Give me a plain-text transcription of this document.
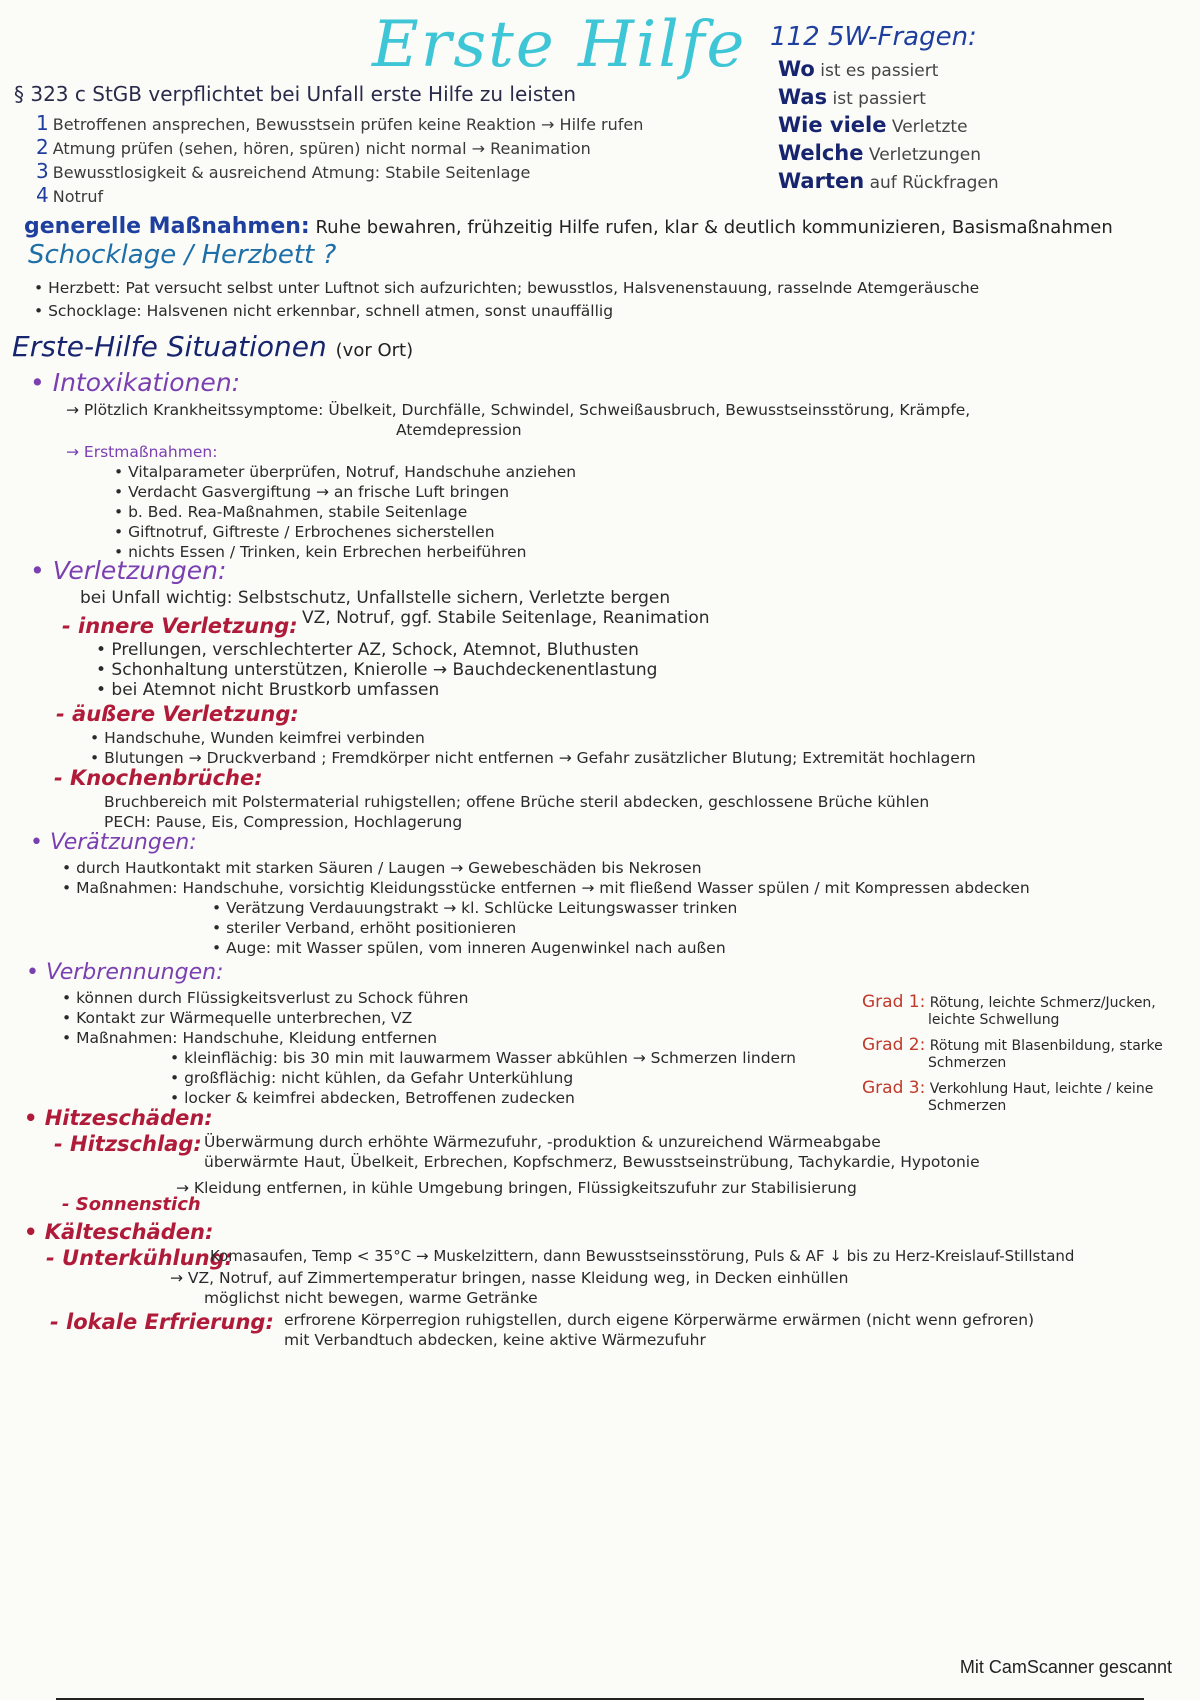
Erste Hilfe
§ 323 c StGB verpflichtet bei Unfall erste Hilfe zu leisten
1 Betroffenen ansprechen, Bewusstsein prüfen keine Reaktion → Hilfe rufen
2 Atmung prüfen (sehen, hören, spüren) nicht normal → Reanimation
3 Bewusstlosigkeit & ausreichend Atmung: Stabile Seitenlage
4 Notruf
112 5W-Fragen:
Wo ist es passiert
Was ist passiert
Wie viele Verletzte
Welche Verletzungen
Warten auf Rückfragen
generelle Maßnahmen: Ruhe bewahren, frühzeitig Hilfe rufen, klar & deutlich kommunizieren, Basismaßnahmen
Schocklage / Herzbett ?
• Herzbett: Pat versucht selbst unter Luftnot sich aufzurichten; bewusstlos, Halsvenenstauung, rasselnde Atemgeräusche
• Schocklage: Halsvenen nicht erkennbar, schnell atmen, sonst unauffällig
Erste-Hilfe Situationen (vor Ort)
• Intoxikationen:
→ Plötzlich Krankheitssymptome: Übelkeit, Durchfälle, Schwindel, Schweißausbruch, Bewusstseinsstörung, Krämpfe,
Atemdepression
→ Erstmaßnahmen:
• Vitalparameter überprüfen, Notruf, Handschuhe anziehen
• Verdacht Gasvergiftung → an frische Luft bringen
• b. Bed. Rea-Maßnahmen, stabile Seitenlage
• Giftnotruf, Giftreste / Erbrochenes sicherstellen
• nichts Essen / Trinken, kein Erbrechen herbeiführen
• Verletzungen:
bei Unfall wichtig: Selbstschutz, Unfallstelle sichern, Verletzte bergen
VZ, Notruf, ggf. Stabile Seitenlage, Reanimation
- innere Verletzung:
• Prellungen, verschlechterter AZ, Schock, Atemnot, Bluthusten
• Schonhaltung unterstützen, Knierolle → Bauchdeckenentlastung
• bei Atemnot nicht Brustkorb umfassen
- äußere Verletzung:
• Handschuhe, Wunden keimfrei verbinden
• Blutungen → Druckverband ; Fremdkörper nicht entfernen → Gefahr zusätzlicher Blutung; Extremität hochlagern
- Knochenbrüche:
Bruchbereich mit Polstermaterial ruhigstellen; offene Brüche steril abdecken, geschlossene Brüche kühlen
PECH: Pause, Eis, Compression, Hochlagerung
• Verätzungen:
• durch Hautkontakt mit starken Säuren / Laugen → Gewebeschäden bis Nekrosen
• Maßnahmen: Handschuhe, vorsichtig Kleidungsstücke entfernen → mit fließend Wasser spülen / mit Kompressen abdecken
• Verätzung Verdauungstrakt → kl. Schlücke Leitungswasser trinken
• steriler Verband, erhöht positionieren
• Auge: mit Wasser spülen, vom inneren Augenwinkel nach außen
• Verbrennungen:
• können durch Flüssigkeitsverlust zu Schock führen
• Kontakt zur Wärmequelle unterbrechen, VZ
• Maßnahmen: Handschuhe, Kleidung entfernen
• kleinflächig: bis 30 min mit lauwarmem Wasser abkühlen → Schmerzen lindern
• großflächig: nicht kühlen, da Gefahr Unterkühlung
• locker & keimfrei abdecken, Betroffenen zudecken
Grad 1: Rötung, leichte Schmerz/Jucken,
leichte Schwellung
Grad 2: Rötung mit Blasenbildung, starke
Schmerzen
Grad 3: Verkohlung Haut, leichte / keine
Schmerzen
• Hitzeschäden:
- Hitzschlag: Überwärmung durch erhöhte Wärmezufuhr, -produktion & unzureichend Wärmeabgabe
überwärmte Haut, Übelkeit, Erbrechen, Kopfschmerz, Bewusstseinstrübung, Tachykardie, Hypotonie
→ Kleidung entfernen, in kühle Umgebung bringen, Flüssigkeitszufuhr zur Stabilisierung
- Sonnenstich
• Kälteschäden:
- Unterkühlung:
Komasaufen, Temp < 35°C → Muskelzittern, dann Bewusstseinsstörung, Puls & AF ↓ bis zu Herz-Kreislauf-Stillstand
→ VZ, Notruf, auf Zimmertemperatur bringen, nasse Kleidung weg, in Decken einhüllen
möglichst nicht bewegen, warme Getränke
- lokale Erfrierung: erfrorene Körperregion ruhigstellen, durch eigene Körperwärme erwärmen (nicht wenn gefroren)
mit Verbandtuch abdecken, keine aktive Wärmezufuhr
Mit CamScanner gescannt
